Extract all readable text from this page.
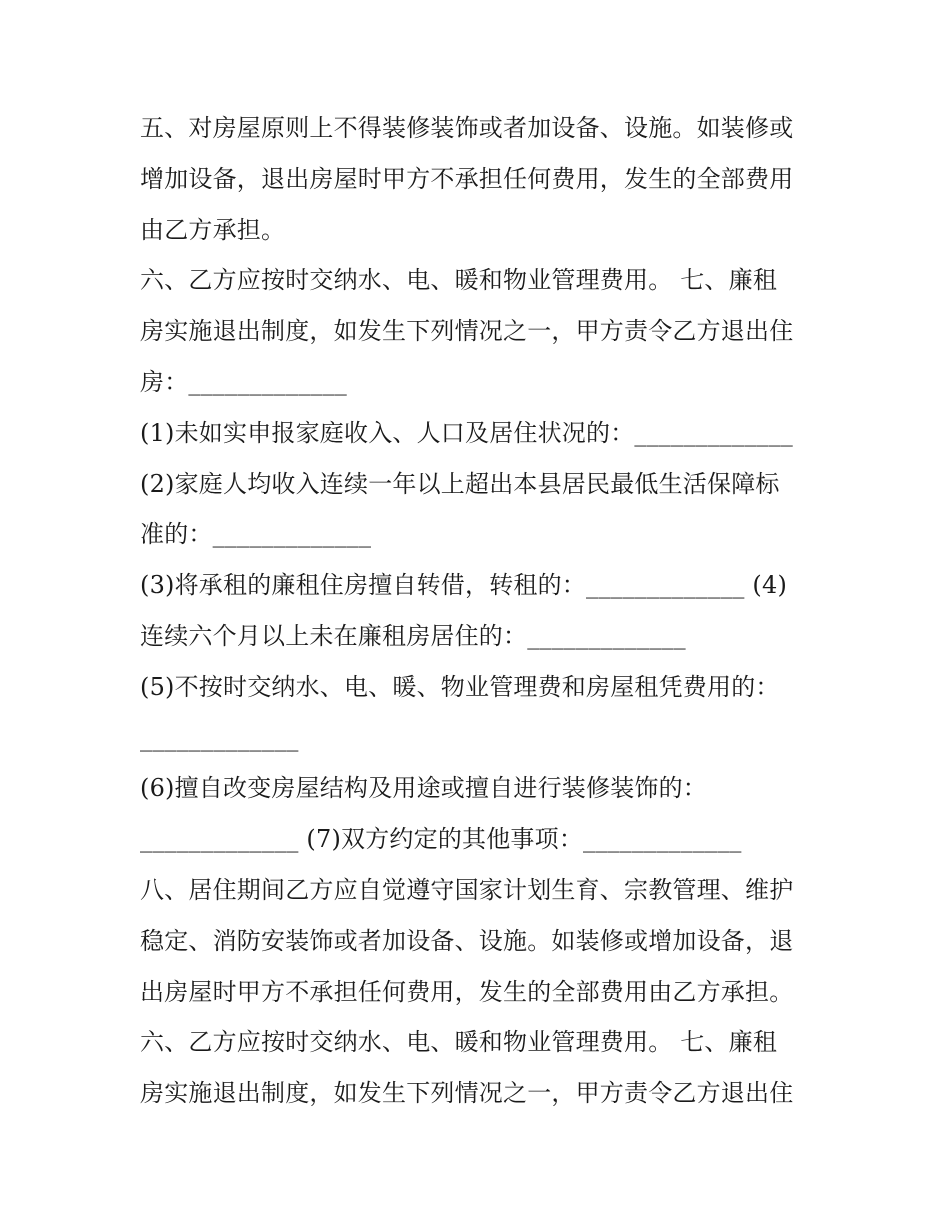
五、对房屋原则上不得装修装饰或者加设备、设施。如装修或
增加设备，退出房屋时甲方不承担任何费用，发生的全部费用
由乙方承担。
六、乙方应按时交纳水、电、暖和物业管理费用。 七、廉租
房实施退出制度，如发生下列情况之一，甲方责令乙方退出住
房：_____________
(1)未如实申报家庭收入、人口及居住状况的：_____________
(2)家庭人均收入连续一年以上超出本县居民最低生活保障标
准的：_____________
(3)将承租的廉租住房擅自转借，转租的：_____________ (4)
连续六个月以上未在廉租房居住的：_____________
(5)不按时交纳水、电、暖、物业管理费和房屋租凭费用的：
_____________
(6)擅自改变房屋结构及用途或擅自进行装修装饰的：
_____________ (7)双方约定的其他事项：_____________
八、居住期间乙方应自觉遵守国家计划生育、宗教管理、维护
稳定、消防安装饰或者加设备、设施。如装修或增加设备，退
出房屋时甲方不承担任何费用，发生的全部费用由乙方承担。
六、乙方应按时交纳水、电、暖和物业管理费用。 七、廉租
房实施退出制度，如发生下列情况之一，甲方责令乙方退出住
